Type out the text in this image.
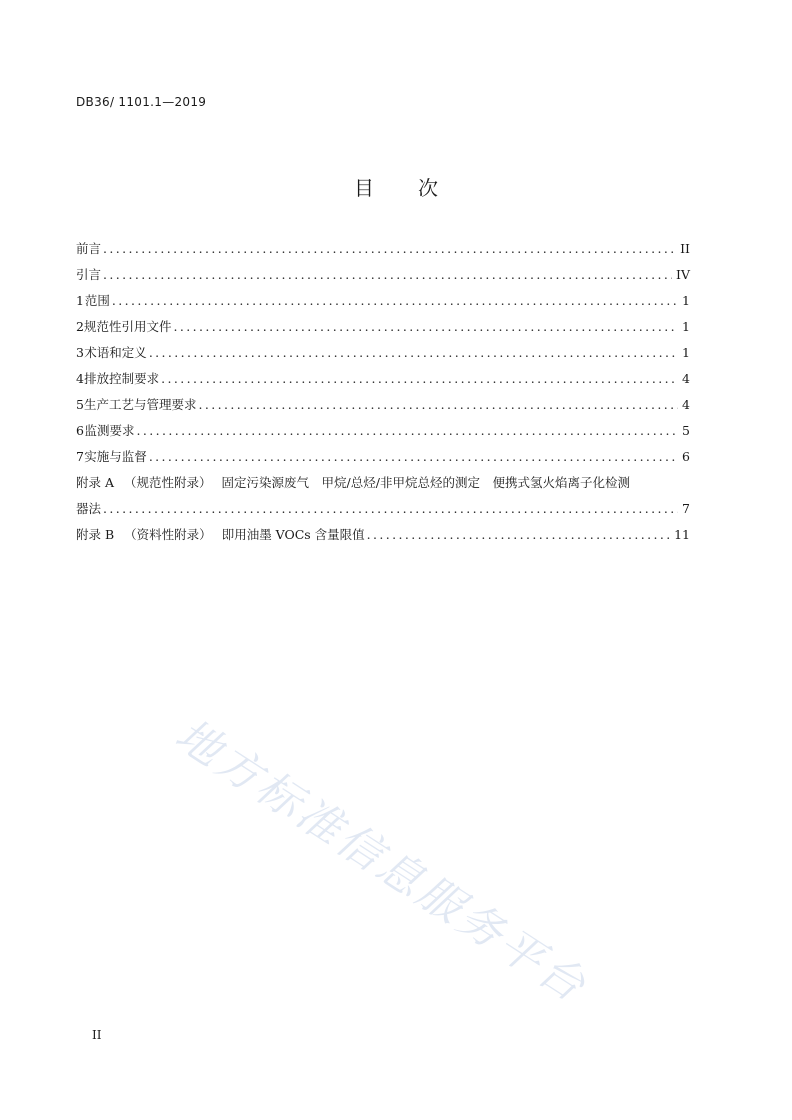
DB36/ 1101.1—2019
目 次
前言 .....	II
引言 .....	IV
1 范围 .....	1
2 规范性引用文件 .....	1
3 术语和定义 .....	1
4 排放控制要求 .....	4
5 生产工艺与管理要求 .....	4
6 监测要求 .....	5
7 实施与监督 .....	6
附录 A （规范性附录） 固定污染源废气　甲烷/总烃/非甲烷总烃的测定　便携式氢火焰离子化检测
器法 .....	7
附录 B （资料性附录） 即用油墨 VOCs 含量限值 .....	11
地方标准信息服务平台
II
